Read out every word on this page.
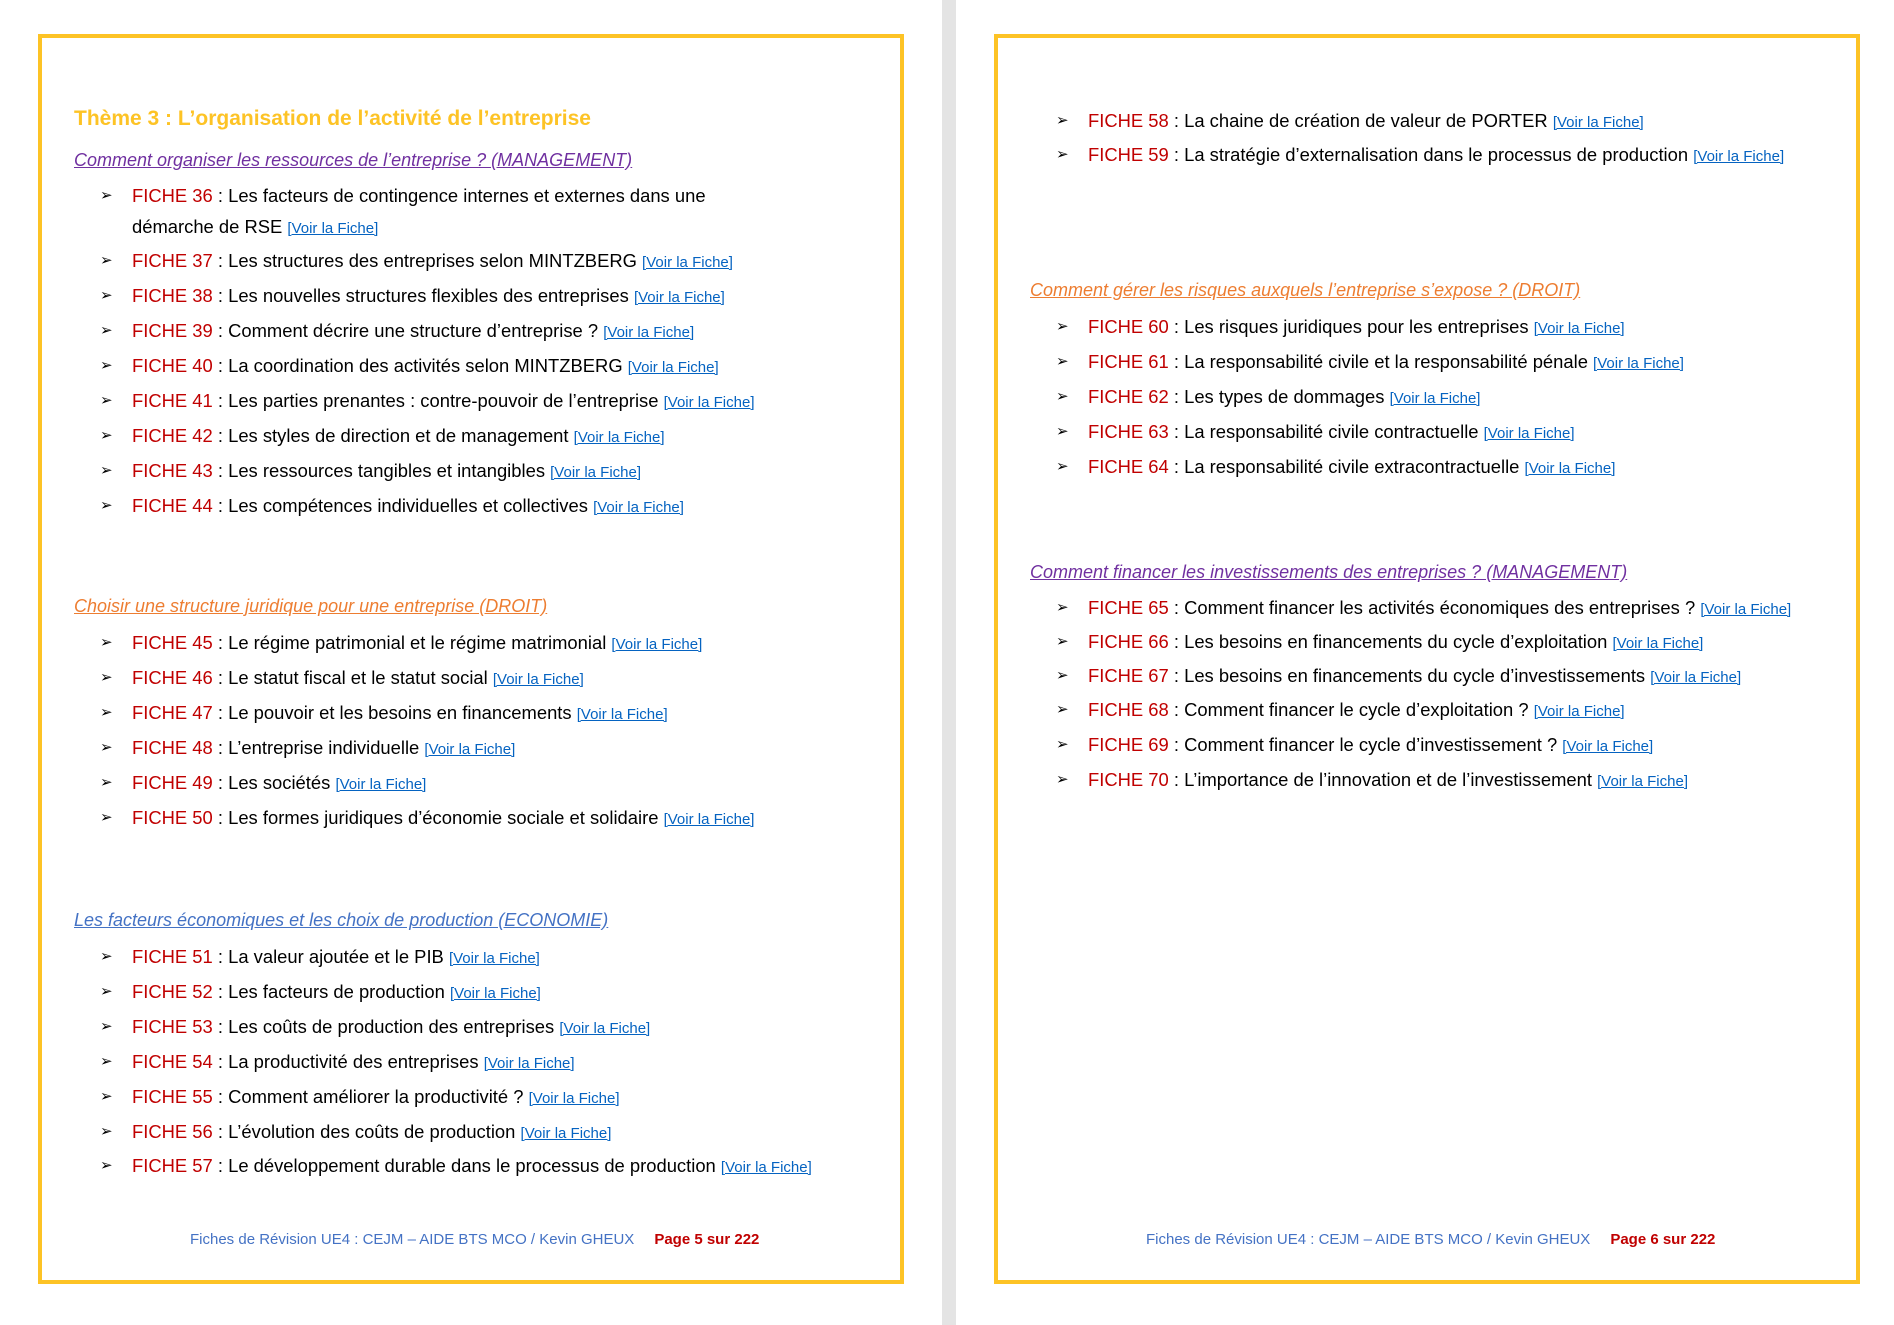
Thème 3 : L’organisation de l’activité de l’entreprise
Comment organiser les ressources de l’entreprise ? (MANAGEMENT)
➢ FICHE 36 : Les facteurs de contingence internes et externes dans une démarche de RSE [Voir la Fiche]
➢ FICHE 37 : Les structures des entreprises selon MINTZBERG [Voir la Fiche]
➢ FICHE 38 : Les nouvelles structures flexibles des entreprises [Voir la Fiche]
➢ FICHE 39 : Comment décrire une structure d’entreprise ? [Voir la Fiche]
➢ FICHE 40 : La coordination des activités selon MINTZBERG [Voir la Fiche]
➢ FICHE 41 : Les parties prenantes : contre-pouvoir de l’entreprise [Voir la Fiche]
➢ FICHE 42 : Les styles de direction et de management [Voir la Fiche]
➢ FICHE 43 : Les ressources tangibles et intangibles [Voir la Fiche]
➢ FICHE 44 : Les compétences individuelles et collectives [Voir la Fiche]
Choisir une structure juridique pour une entreprise (DROIT)
➢ FICHE 45 : Le régime patrimonial et le régime matrimonial [Voir la Fiche]
➢ FICHE 46 : Le statut fiscal et le statut social [Voir la Fiche]
➢ FICHE 47 : Le pouvoir et les besoins en financements [Voir la Fiche]
➢ FICHE 48 : L’entreprise individuelle [Voir la Fiche]
➢ FICHE 49 : Les sociétés [Voir la Fiche]
➢ FICHE 50 : Les formes juridiques d’économie sociale et solidaire [Voir la Fiche]
Les facteurs économiques et les choix de production (ECONOMIE)
➢ FICHE 51 : La valeur ajoutée et le PIB [Voir la Fiche]
➢ FICHE 52 : Les facteurs de production [Voir la Fiche]
➢ FICHE 53 : Les coûts de production des entreprises [Voir la Fiche]
➢ FICHE 54 : La productivité des entreprises [Voir la Fiche]
➢ FICHE 55 : Comment améliorer la productivité ? [Voir la Fiche]
➢ FICHE 56 : L’évolution des coûts de production [Voir la Fiche]
➢ FICHE 57 : Le développement durable dans le processus de production [Voir la Fiche]
Fiches de Révision UE4 : CEJM – AIDE BTS MCO / Kevin GHEUX Page 5 sur 222
➢ FICHE 58 : La chaine de création de valeur de PORTER [Voir la Fiche]
➢ FICHE 59 : La stratégie d’externalisation dans le processus de production [Voir la Fiche]
Comment gérer les risques auxquels l’entreprise s’expose ? (DROIT)
➢ FICHE 60 : Les risques juridiques pour les entreprises [Voir la Fiche]
➢ FICHE 61 : La responsabilité civile et la responsabilité pénale [Voir la Fiche]
➢ FICHE 62 : Les types de dommages [Voir la Fiche]
➢ FICHE 63 : La responsabilité civile contractuelle [Voir la Fiche]
➢ FICHE 64 : La responsabilité civile extracontractuelle [Voir la Fiche]
Comment financer les investissements des entreprises ? (MANAGEMENT)
➢ FICHE 65 : Comment financer les activités économiques des entreprises ? [Voir la Fiche]
➢ FICHE 66 : Les besoins en financements du cycle d’exploitation [Voir la Fiche]
➢ FICHE 67 : Les besoins en financements du cycle d’investissements [Voir la Fiche]
➢ FICHE 68 : Comment financer le cycle d’exploitation ? [Voir la Fiche]
➢ FICHE 69 : Comment financer le cycle d’investissement ? [Voir la Fiche]
➢ FICHE 70 : L’importance de l’innovation et de l’investissement [Voir la Fiche]
Fiches de Révision UE4 : CEJM – AIDE BTS MCO / Kevin GHEUX Page 6 sur 222
